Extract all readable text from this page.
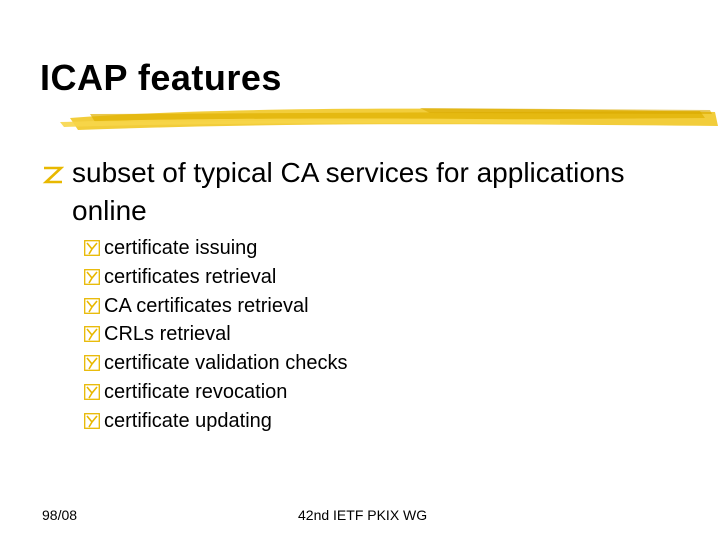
ICAP features
subset of typical CA services for applications online
certificate issuing
certificates retrieval
CA certificates retrieval
CRLs retrieval
certificate validation checks
certificate revocation
certificate updating
98/08	42nd IETF PKIX WG
